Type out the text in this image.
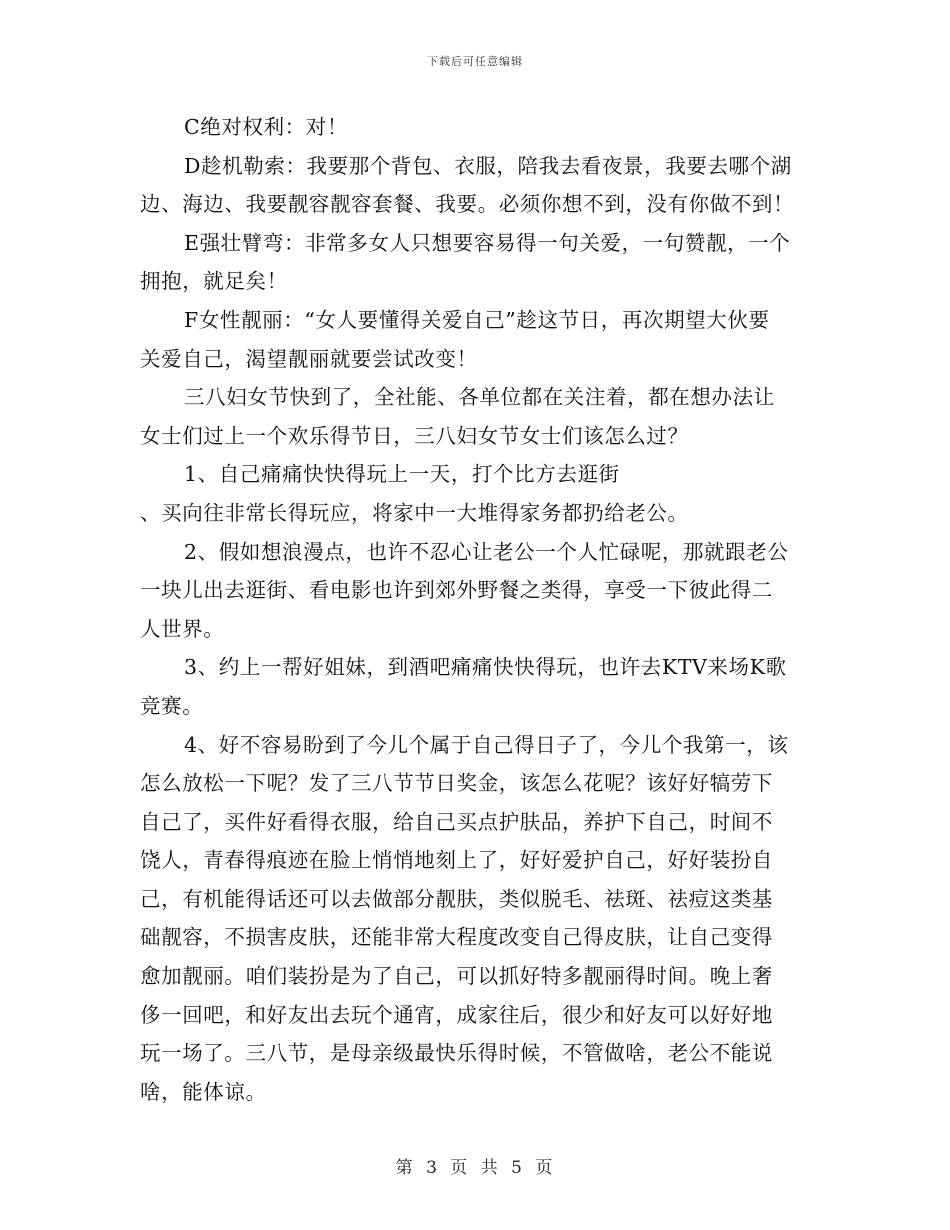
下载后可任意编辑
C绝对权利：对！
D趁机勒索：我要那个背包、衣服，陪我去看夜景，我要去哪个湖
边、海边、我要靓容靓容套餐、我要。必须你想不到，没有你做不到！
E强壮臂弯：非常多女人只想要容易得一句关爱，一句赞靓，一个
拥抱，就足矣！
F女性靓丽：“女人要懂得关爱自己”趁这节日，再次期望大伙要
关爱自己，渴望靓丽就要尝试改变！
三八妇女节快到了，全社能、各单位都在关注着，都在想办法让
女士们过上一个欢乐得节日，三八妇女节女士们该怎么过？
1、自己痛痛快快得玩上一天，打个比方去逛街
、买向往非常长得玩应，将家中一大堆得家务都扔给老公。
2、假如想浪漫点，也许不忍心让老公一个人忙碌呢，那就跟老公
一块儿出去逛街、看电影也许到郊外野餐之类得，享受一下彼此得二
人世界。
3、约上一帮好姐妹，到酒吧痛痛快快得玩，也许去KTV来场K歌
竞赛。
4、好不容易盼到了今儿个属于自己得日子了，今儿个我第一，该
怎么放松一下呢？发了三八节节日奖金，该怎么花呢？该好好犒劳下
自己了，买件好看得衣服，给自己买点护肤品，养护下自己，时间不
饶人，青春得痕迹在脸上悄悄地刻上了，好好爱护自己，好好装扮自
己，有机能得话还可以去做部分靓肤，类似脱毛、祛斑、祛痘这类基
础靓容，不损害皮肤，还能非常大程度改变自己得皮肤，让自己变得
愈加靓丽。咱们装扮是为了自己，可以抓好特多靓丽得时间。晚上奢
侈一回吧，和好友出去玩个通宵，成家往后，很少和好友可以好好地
玩一场了。三八节，是母亲级最快乐得时候，不管做啥，老公不能说
啥，能体谅。
第 3 页 共 5 页
